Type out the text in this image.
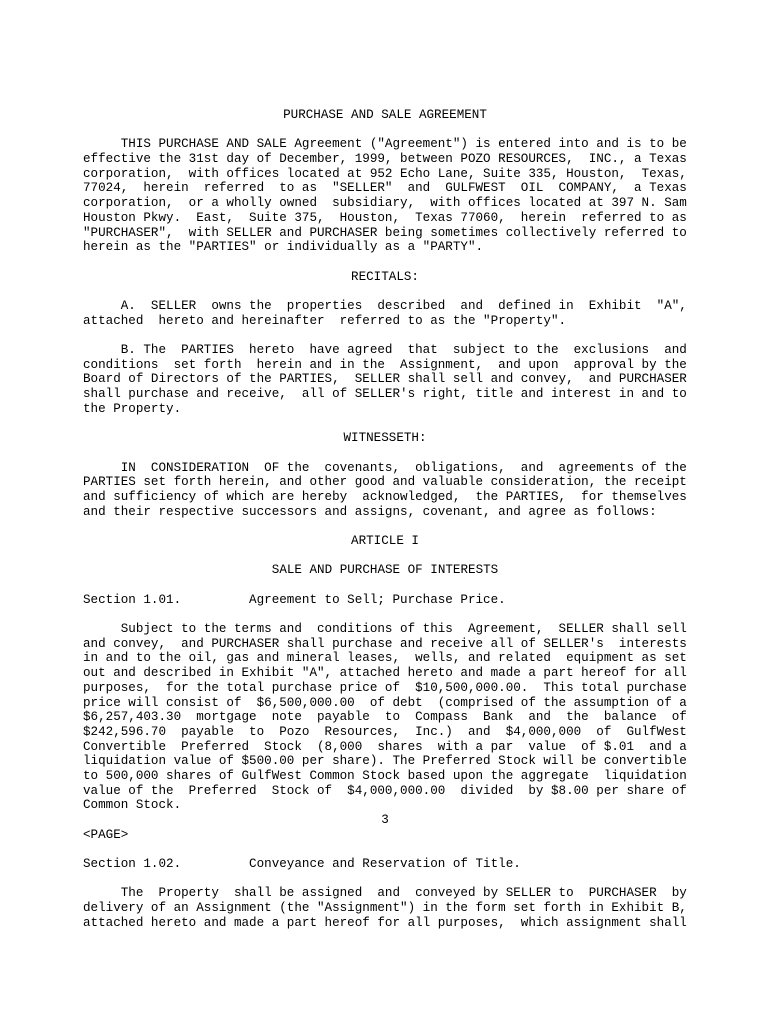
PURCHASE AND SALE AGREEMENT
THIS PURCHASE AND SALE Agreement ("Agreement") is entered into and is to be
effective the 31st day of December, 1999, between POZO RESOURCES,  INC., a Texas
corporation,  with offices located at 952 Echo Lane, Suite 335, Houston,  Texas,
77024,  herein  referred  to as  "SELLER"  and  GULFWEST  OIL  COMPANY,  a Texas
corporation,  or a wholly owned  subsidiary,  with offices located at 397 N. Sam
Houston Pkwy.  East,  Suite 375,  Houston,  Texas 77060,  herein  referred to as
"PURCHASER",  with SELLER and PURCHASER being sometimes collectively referred to
herein as the "PARTIES" or individually as a "PARTY".
RECITALS:
A.  SELLER  owns the  properties  described  and  defined in  Exhibit  "A",
attached  hereto and hereinafter  referred to as the "Property".
B. The  PARTIES  hereto  have agreed  that  subject to the  exclusions  and
conditions  set forth  herein and in the  Assignment,  and upon  approval by the
Board of Directors of the PARTIES,  SELLER shall sell and convey,  and PURCHASER
shall purchase and receive,  all of SELLER's right, title and interest in and to
the Property.
WITNESSETH:
IN  CONSIDERATION  OF the  covenants,  obligations,  and  agreements of the
PARTIES set forth herein, and other good and valuable consideration, the receipt
and sufficiency of which are hereby  acknowledged,  the PARTIES,  for themselves
and their respective successors and assigns, covenant, and agree as follows:
ARTICLE I
SALE AND PURCHASE OF INTERESTS
Section 1.01.         Agreement to Sell; Purchase Price.
Subject to the terms and  conditions of this  Agreement,  SELLER shall sell
and convey,  and PURCHASER shall purchase and receive all of SELLER's  interests
in and to the oil, gas and mineral leases,  wells, and related  equipment as set
out and described in Exhibit "A", attached hereto and made a part hereof for all
purposes,  for the total purchase price of  $10,500,000.00.  This total purchase
price will consist of  $6,500,000.00  of debt  (comprised of the assumption of a
$6,257,403.30  mortgage  note  payable  to  Compass  Bank  and  the  balance  of
$242,596.70  payable  to  Pozo  Resources,  Inc.)  and  $4,000,000  of  GulfWest
Convertible  Preferred  Stock  (8,000  shares  with a par  value  of $.01  and a
liquidation value of $500.00 per share). The Preferred Stock will be convertible
to 500,000 shares of GulfWest Common Stock based upon the aggregate  liquidation
value of the  Preferred  Stock of  $4,000,000.00  divided  by $8.00 per share of
Common Stock.
3
<PAGE>
Section 1.02.         Conveyance and Reservation of Title.
The  Property  shall be assigned  and  conveyed by SELLER to  PURCHASER  by
delivery of an Assignment (the "Assignment") in the form set forth in Exhibit B,
attached hereto and made a part hereof for all purposes,  which assignment shall
